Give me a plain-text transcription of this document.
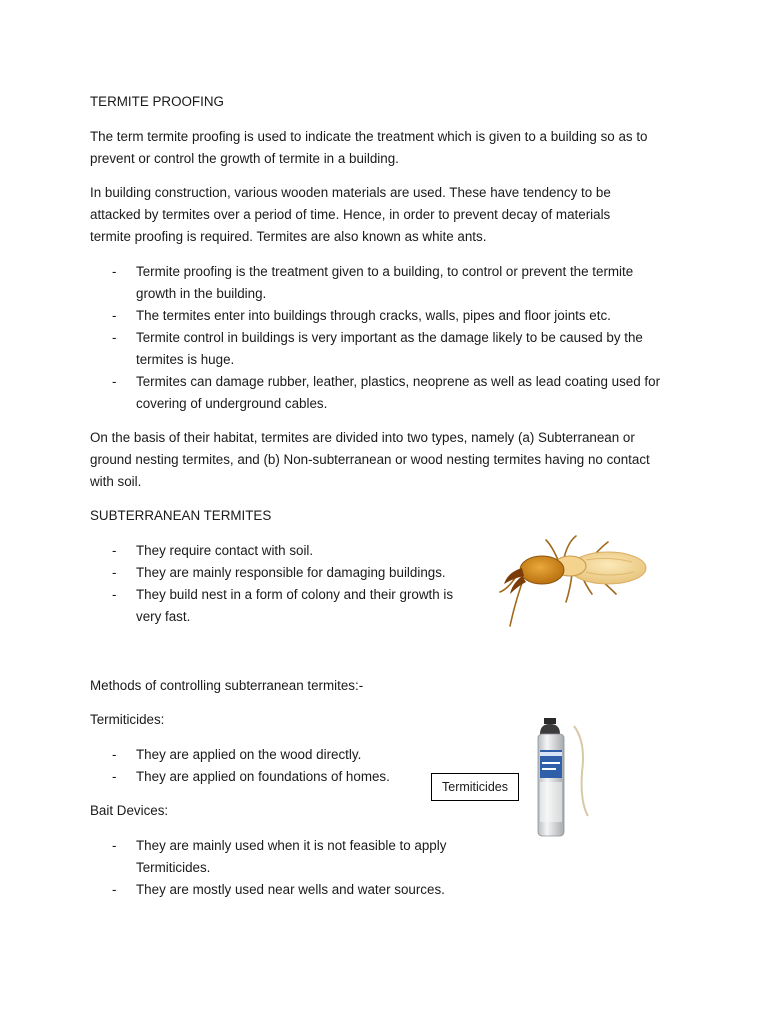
TERMITE PROOFING

The term termite proofing is used to indicate the treatment which is given to a building so as to

prevent or control the growth of termite in a building.

In building construction, various wooden materials are used. These have tendency to be

attacked by termites over a period of time. Hence, in order to prevent decay of materials

termite proofing is required. Termites are also known as white ants.

- Termite proofing is the treatment given to a building, to control or prevent the termite
growth in the building.
- The termites enter into buildings through cracks, walls, pipes and floor joints etc.
- Termite control in buildings is very important as the damage likely to be caused by the
termites is huge.
- Termites can damage rubber, leather, plastics, neoprene as well as lead coating used for
covering of underground cables.

On the basis of their habitat, termites are divided into two types, namely (a) Subterranean or

ground nesting termites, and (b) Non-subterranean or wood nesting termites having no contact

with soil.

SUBTERRANEAN TERMITES

- They require contact with soil.
- They are mainly responsible for damaging buildings.
- They build nest in a form of colony and their growth is
very fast.

Methods of controlling subterranean termites:-

Termiticides:

- They are applied on the wood directly.
- They are applied on foundations of homes.
Termiticides

Bait Devices:

- They are mainly used when it is not feasible to apply
Termiticides.
- They are mostly used near wells and water sources.
